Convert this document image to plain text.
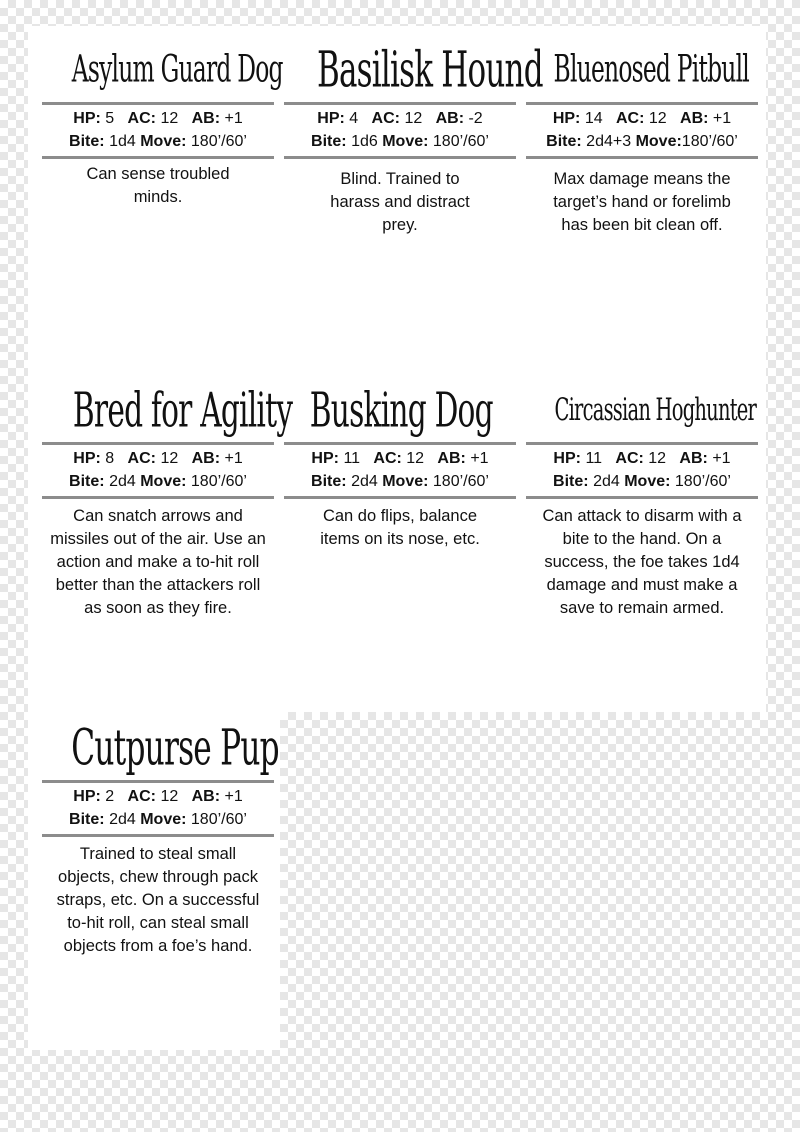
Asylum Guard Dog
HP: 5 AC: 12 AB: +1
Bite: 1d4 Move: 180’/60’
Can sense troubled minds.
Basilisk Hound
HP: 4 AC: 12 AB: -2
Bite: 1d6 Move: 180’/60’
Blind. Trained to harass and distract prey.
Bluenosed Pitbull
HP: 14 AC: 12 AB: +1
Bite: 2d4+3 Move:180’/60’
Max damage means the target’s hand or forelimb has been bit clean off.
Bred for Agility
HP: 8 AC: 12 AB: +1
Bite: 2d4 Move: 180’/60’
Can snatch arrows and missiles out of the air. Use an action and make a to-hit roll better than the attackers roll as soon as they fire.
Busking Dog
HP: 11 AC: 12 AB: +1
Bite: 2d4 Move: 180’/60’
Can do flips, balance items on its nose, etc.
Circassian Hoghunter
HP: 11 AC: 12 AB: +1
Bite: 2d4 Move: 180’/60’
Can attack to disarm with a bite to the hand. On a success, the foe takes 1d4 damage and must make a save to remain armed.
Cutpurse Pup
HP: 2 AC: 12 AB: +1
Bite: 2d4 Move: 180’/60’
Trained to steal small objects, chew through pack straps, etc. On a successful to-hit roll, can steal small objects from a foe’s hand.
